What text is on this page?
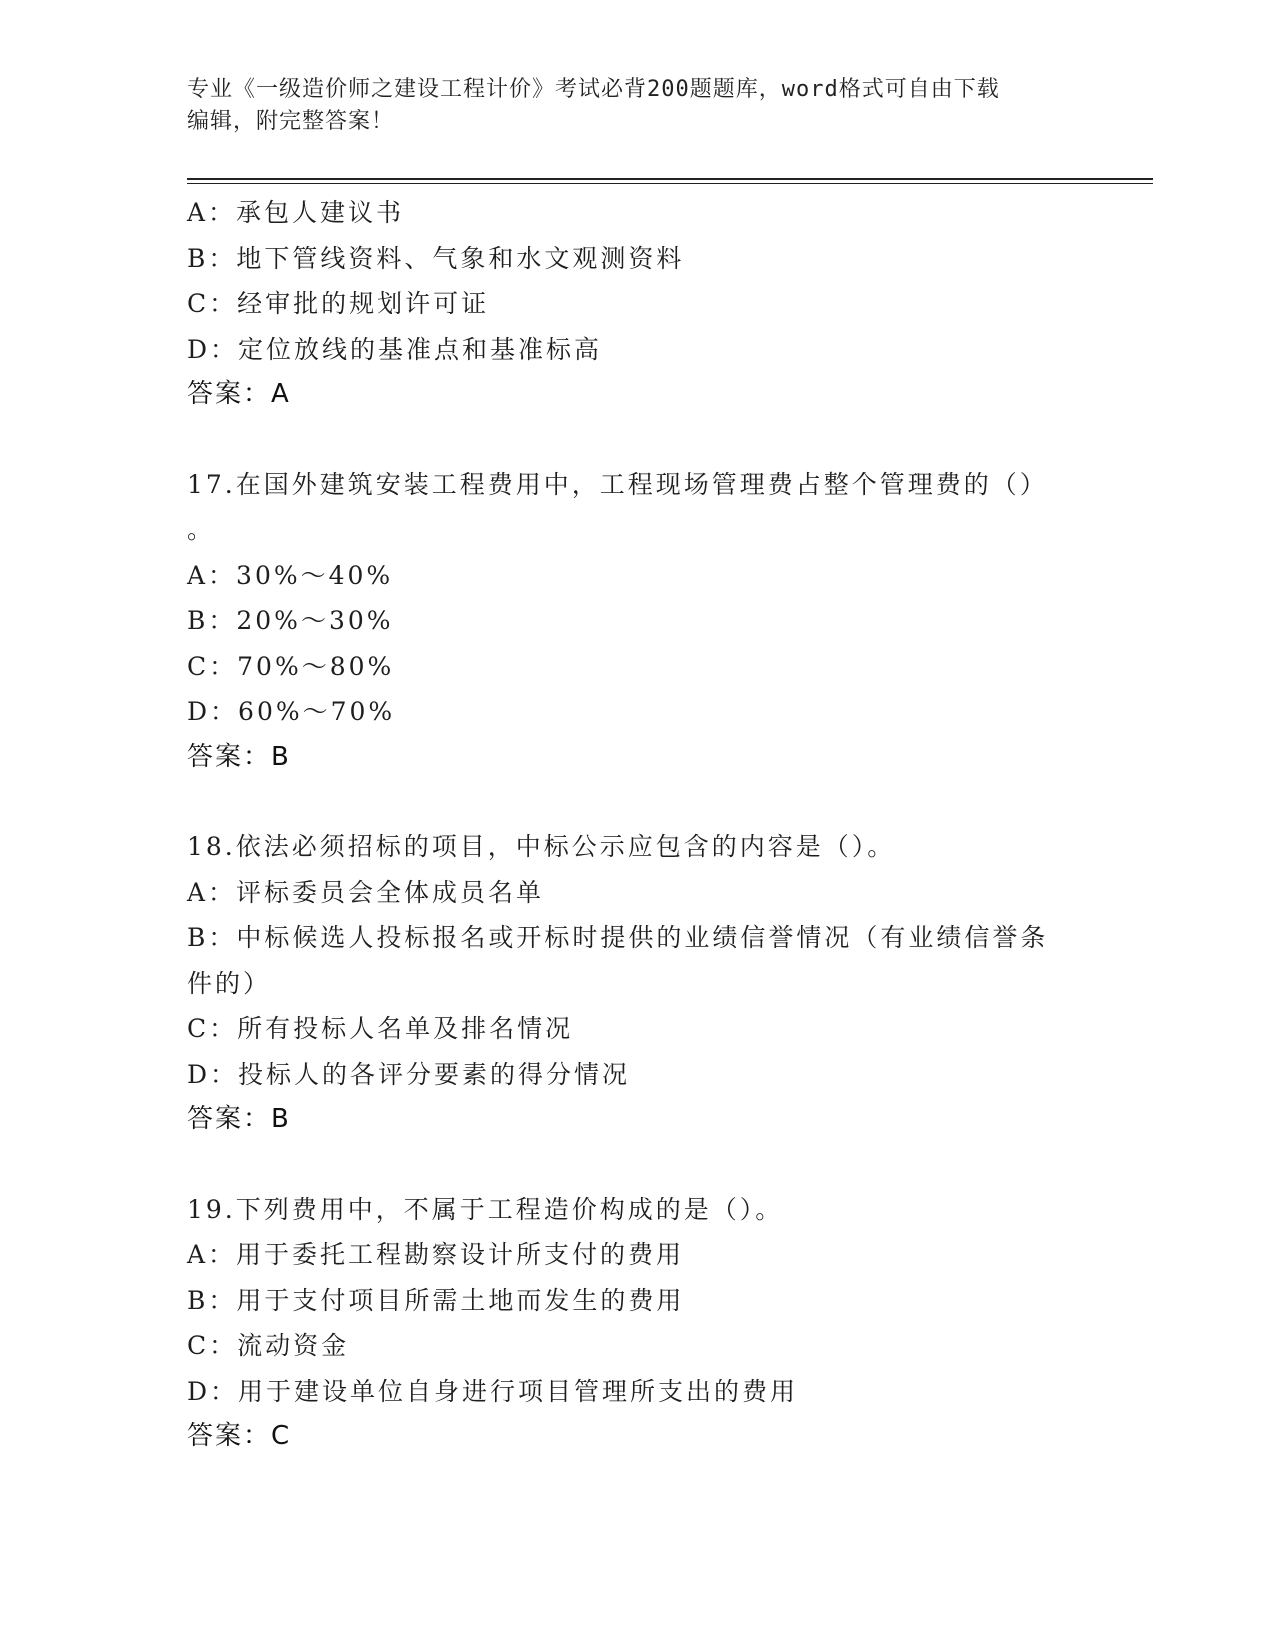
专业《一级造价师之建设工程计价》考试必背200题题库，word格式可自由下载
编辑，附完整答案！
A：承包人建议书
B：地下管线资料、气象和水文观测资料
C：经审批的规划许可证
D：定位放线的基准点和基准标高
答案：A
17.在国外建筑安装工程费用中，工程现场管理费占整个管理费的（）
。
A：30%～40%
B：20%～30%
C：70%～80%
D：60%～70%
答案：B
18.依法必须招标的项目，中标公示应包含的内容是（）。
A：评标委员会全体成员名单
B：中标候选人投标报名或开标时提供的业绩信誉情况（有业绩信誉条
件的）
C：所有投标人名单及排名情况
D：投标人的各评分要素的得分情况
答案：B
19.下列费用中，不属于工程造价构成的是（）。
A：用于委托工程勘察设计所支付的费用
B：用于支付项目所需土地而发生的费用
C：流动资金
D：用于建设单位自身进行项目管理所支出的费用
答案：C
